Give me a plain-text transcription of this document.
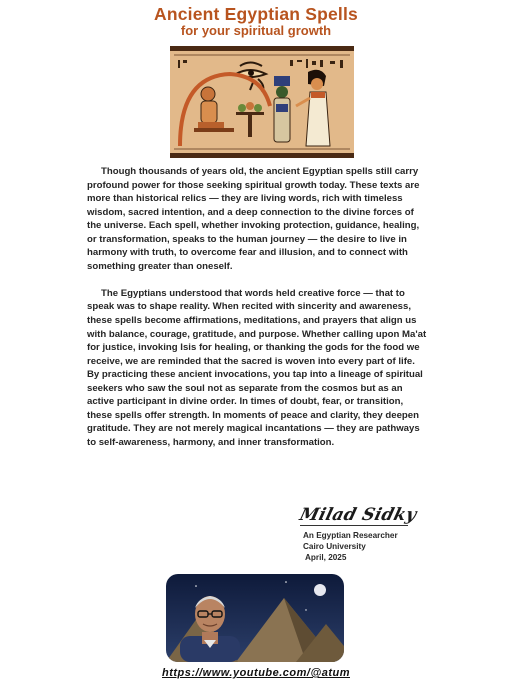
Ancient Egyptian Spells
for your spiritual growth

Though thousands of years old, the ancient Egyptian spells still carry profound power for those seeking spiritual growth today. These texts are more than historical relics — they are living words, rich with timeless wisdom, sacred intention, and a deep connection to the divine forces of the universe. Each spell, whether invoking protection, guidance, healing, or transformation, speaks to the human journey — the desire to live in harmony with truth, to overcome fear and illusion, and to connect with something greater than oneself.

The Egyptians understood that words held creative force — that to speak was to shape reality. When recited with sincerity and awareness, these spells become affirmations, meditations, and prayers that align us with balance, courage, gratitude, and purpose. Whether calling upon Ma'at for justice, invoking Isis for healing, or thanking the gods for the food we receive, we are reminded that the sacred is woven into every part of life.

By practicing these ancient invocations, you tap into a lineage of spiritual seekers who saw the soul not as separate from the cosmos but as an active participant in divine order. In times of doubt, fear, or transition, these spells offer strength. In moments of peace and clarity, they deepen gratitude. They are not merely magical incantations — they are pathways to self-awareness, harmony, and inner transformation.

Milad Sidky
An Egyptian Researcher
Cairo University
April, 2025
https://www.youtube.com/@atum
